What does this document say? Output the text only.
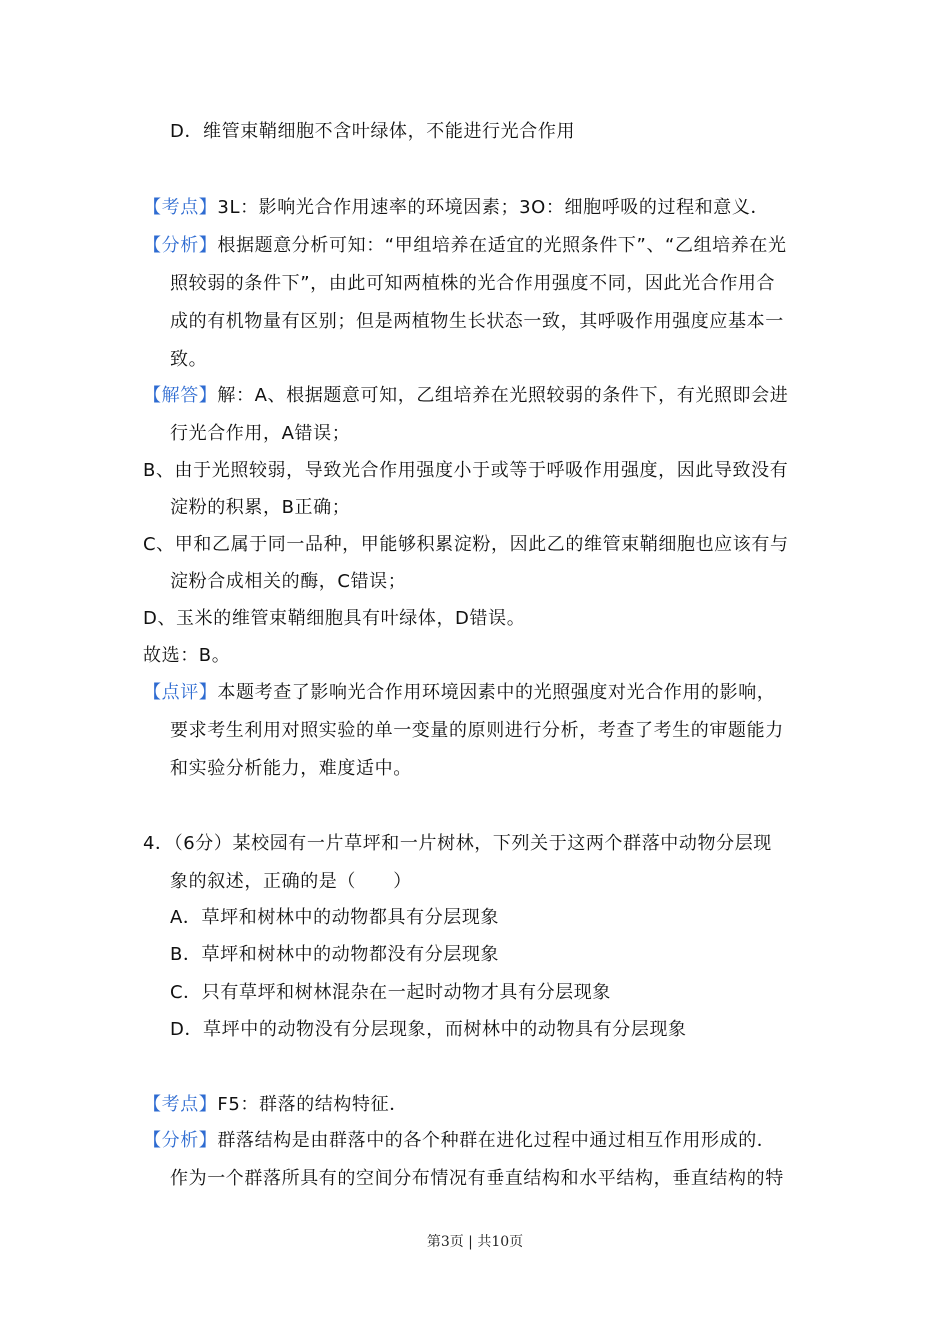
D．维管束鞘细胞不含叶绿体，不能进行光合作用
【考点】3L：影响光合作用速率的环境因素；3O：细胞呼吸的过程和意义．
【分析】根据题意分析可知：“甲组培养在适宜的光照条件下”、“乙组培养在光
照较弱的条件下”，由此可知两植株的光合作用强度不同，因此光合作用合
成的有机物量有区别；但是两植物生长状态一致，其呼吸作用强度应基本一
致。
【解答】解：A、根据题意可知，乙组培养在光照较弱的条件下，有光照即会进
行光合作用，A错误；
B、由于光照较弱，导致光合作用强度小于或等于呼吸作用强度，因此导致没有
淀粉的积累，B正确；
C、甲和乙属于同一品种，甲能够积累淀粉，因此乙的维管束鞘细胞也应该有与
淀粉合成相关的酶，C错误；
D、玉米的维管束鞘细胞具有叶绿体，D错误。
故选：B。
【点评】本题考查了影响光合作用环境因素中的光照强度对光合作用的影响，
要求考生利用对照实验的单一变量的原则进行分析，考查了考生的审题能力
和实验分析能力，难度适中。
4．（6分）某校园有一片草坪和一片树林，下列关于这两个群落中动物分层现
象的叙述，正确的是（　　）
A．草坪和树林中的动物都具有分层现象
B．草坪和树林中的动物都没有分层现象
C．只有草坪和树林混杂在一起时动物才具有分层现象
D．草坪中的动物没有分层现象，而树林中的动物具有分层现象
【考点】F5：群落的结构特征．
【分析】群落结构是由群落中的各个种群在进化过程中通过相互作用形成的．
作为一个群落所具有的空间分布情况有垂直结构和水平结构，垂直结构的特
第3页 | 共10页
